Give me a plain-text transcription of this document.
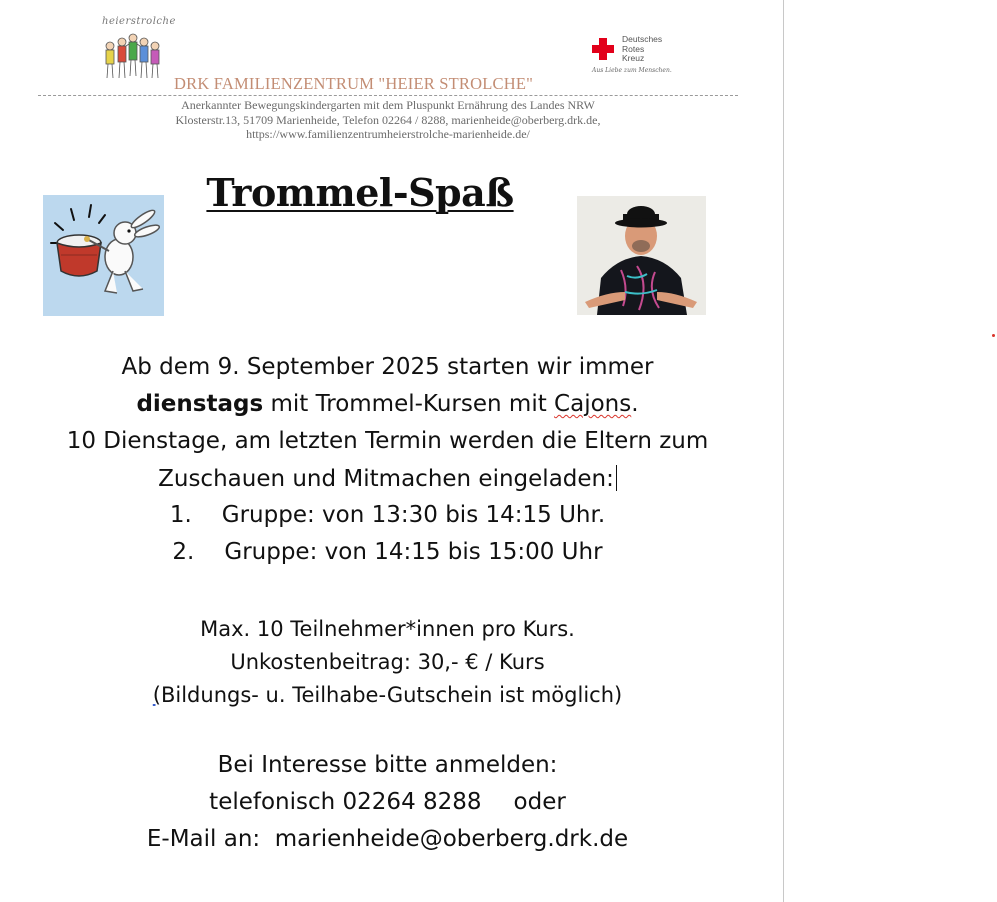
heierstrolche
Deutsches
Rotes
Kreuz
Aus Liebe zum Menschen.
DRK FAMILIENZENTRUM "HEIER STROLCHE"
Anerkannter Bewegungskindergarten mit dem Pluspunkt Ernährung des Landes NRW
Klosterstr.13, 51709 Marienheide, Telefon 02264 / 8288, marienheide@oberberg.drk.de,
https://www.familienzentrumheierstrolche-marienheide.de/
Trommel-Spaß
Ab dem 9. September 2025 starten wir immer
dienstags mit Trommel-Kursen mit Cajons.
10 Dienstage, am letzten Termin werden die Eltern zum
Zuschauen und Mitmachen eingeladen:
1. Gruppe: von 13:30 bis 14:15 Uhr.
2. Gruppe: von 14:15 bis 15:00 Uhr
Max. 10 Teilnehmer*innen pro Kurs.
Unkostenbeitrag: 30,- € / Kurs
(Bildungs- u. Teilhabe-Gutschein ist möglich)
Bei Interesse bitte anmelden:
telefonisch 02264 8288 oder
E-Mail an:  marienheide@oberberg.drk.de
